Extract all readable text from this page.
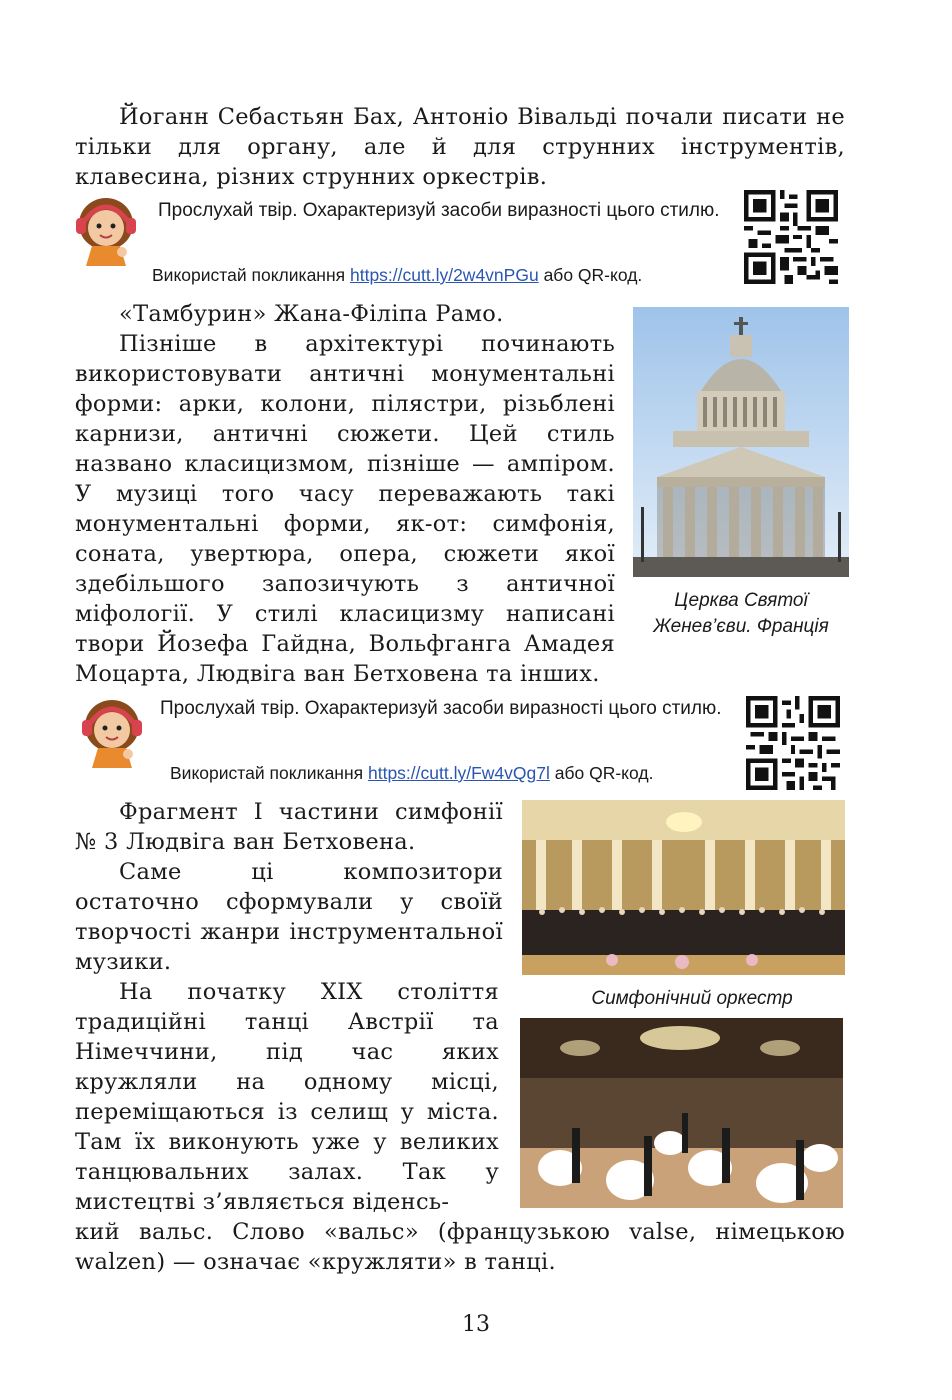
Йоганн Себастьян Бах, Антоніо Вівальді почали писати не тільки для органу, але й для струнних інструментів, клавесина, різних струнних оркестрів.

Прослухай твір. Охарактеризуй засоби виразності цього стилю.

Використай покликання https://cutt.ly/2w4vnPGu або QR-код.

«Тамбурин» Жана-Філіпа Рамо.

Пізніше в архітектурі починають використовувати античні монументальні форми: арки, колони, пілястри, різьблені карнизи, античні сюжети. Цей стиль названо класицизмом, пізніше — ампіром. У музиці того часу переважають такі монументальні форми, як-от: симфонія, соната, увертюра, опера, сюжети якої здебільшого запозичують з античної міфології. У стилі класицизму написані твори Йозефа Гайдна, Вольфганга Амадея Моцарта, Людвіга ван Бетховена та інших.

Церква Святої Женев’єви. Франція

Прослухай твір. Охарактеризуй засоби виразності цього стилю.

Використай покликання https://cutt.ly/Fw4vQg7l або QR-код.

Фрагмент І частини симфонії № 3 Людвіга ван Бетховена.

Саме ці композитори остаточно сформували у своїй творчості жанри інструментальної музики.

Симфонічний оркестр

На початку XIX століття традиційні танці Австрії та Німеччини, під час яких кружляли на одному місці, переміщаються із селищ у міста. Там їх виконують уже у великих танцювальних залах. Так у мистецтві з’являється віденсь-

кий вальс. Слово «вальс» (французькою valse, німецькою walzen) — означає «кружляти» в танці.

13
